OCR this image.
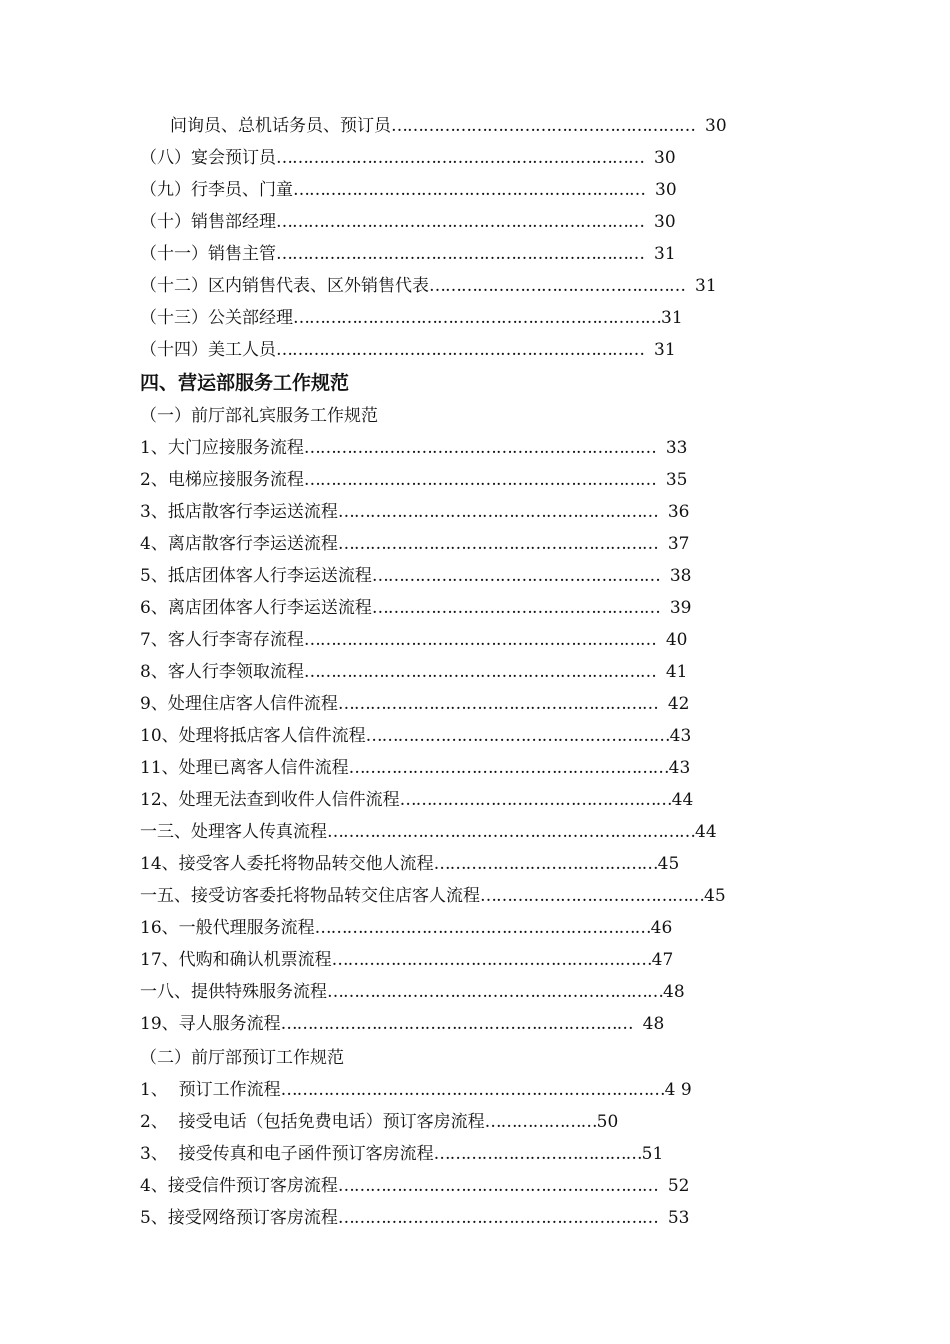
问询员、总机话务员、预订员………………………………………………… 30
（八）宴会预订员…………………………………………………………… 30
（九）行李员、门童………………………………………………………… 30
（十）销售部经理…………………………………………………………… 30
（十一）销售主管…………………………………………………………… 31
（十二）区内销售代表、区外销售代表………………………………………… 31
（十三）公关部经理……………………………………………………………31
（十四）美工人员…………………………………………………………… 31
四、营运部服务工作规范
（一）前厅部礼宾服务工作规范
1、大门应接服务流程………………………………………………………… 33
2、电梯应接服务流程………………………………………………………… 35
3、抵店散客行李运送流程…………………………………………………… 36
4、离店散客行李运送流程…………………………………………………… 37
5、抵店团体客人行李运送流程……………………………………………… 38
6、离店团体客人行李运送流程……………………………………………… 39
7、客人行李寄存流程………………………………………………………… 40
8、客人行李领取流程………………………………………………………… 41
9、处理住店客人信件流程…………………………………………………… 42
10、处理将抵店客人信件流程…………………………………………………43
11、处理已离客人信件流程……………………………………………………43
12、处理无法查到收件人信件流程……………………………………………44
一三、处理客人传真流程……………………………………………………………44
14、接受客人委托将物品转交他人流程……………………………………45
一五、接受访客委托将物品转交住店客人流程……………………………………45
16、一般代理服务流程………………………………………………………46
17、代购和确认机票流程……………………………………………………47
一八、提供特殊服务流程………………………………………………………48
19、寻人服务流程………………………………………………………… 48
（二）前厅部预订工作规范
1、  预订工作流程………………………………………………………………4 9
2、  接受电话（包括免费电话）预订客房流程…………………50
3、  接受传真和电子函件预订客房流程…………………………………51
4、接受信件预订客房流程…………………………………………………… 52
5、接受网络预订客房流程…………………………………………………… 53
